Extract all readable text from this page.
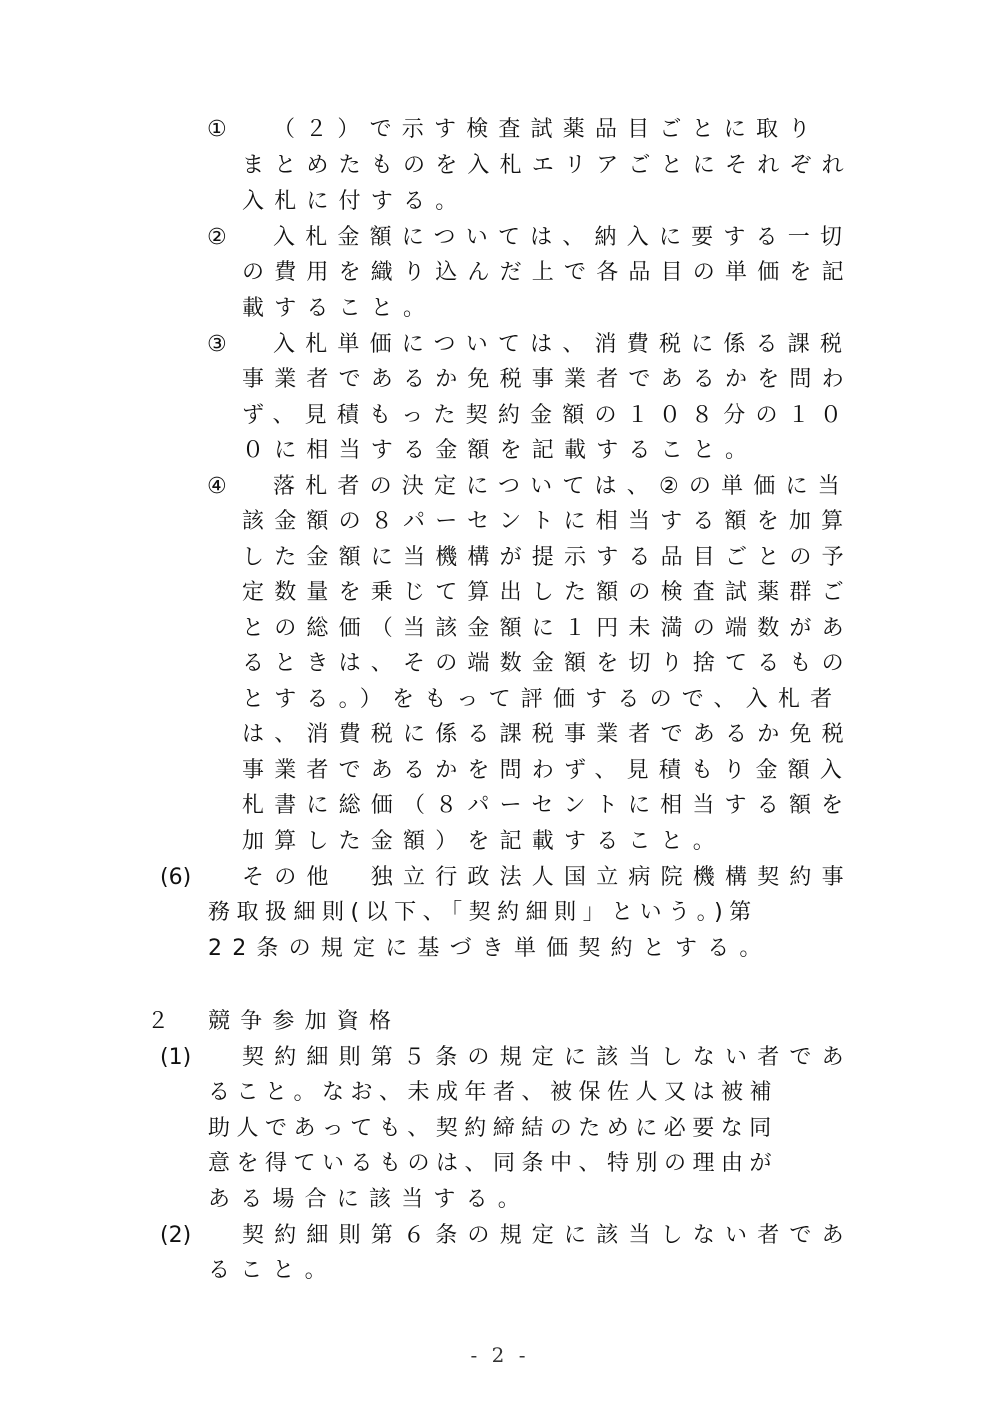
① （２）で示す検査試薬品目ごとに取り
まとめたものを入札エリアごとにそれぞれ
入札に付する。
② 入札金額については、納入に要する一切
の費用を織り込んだ上で各品目の単価を記
載すること。
③ 入札単価については、消費税に係る課税
事業者であるか免税事業者であるかを問わ
ず、見積もった契約金額の１０８分の１０
０に相当する金額を記載すること。
④ 落札者の決定については、②の単価に当
該金額の８パーセントに相当する額を加算
した金額に当機構が提示する品目ごとの予
定数量を乗じて算出した額の検査試薬群ご
との総価（当該金額に１円未満の端数があ
るときは、その端数金額を切り捨てるもの
とする。）をもって評価するので、入札者
は、消費税に係る課税事業者であるか免税
事業者であるかを問わず、見積もり金額入
札書に総価（８パーセントに相当する額を
加算した金額）を記載すること。
(6) その他　独立行政法人国立病院機構契約事
務取扱細則(以下、「契約細則」という。)第
22条の規定に基づき単価契約とする。
２ 競争参加資格
(1) 契約細則第５条の規定に該当しない者であ
ること。なお、未成年者、被保佐人又は被補
助人であっても、契約締結のために必要な同
意を得ているものは、同条中、特別の理由が
ある場合に該当する。
(2) 契約細則第６条の規定に該当しない者であ
ること。
- 2 -
